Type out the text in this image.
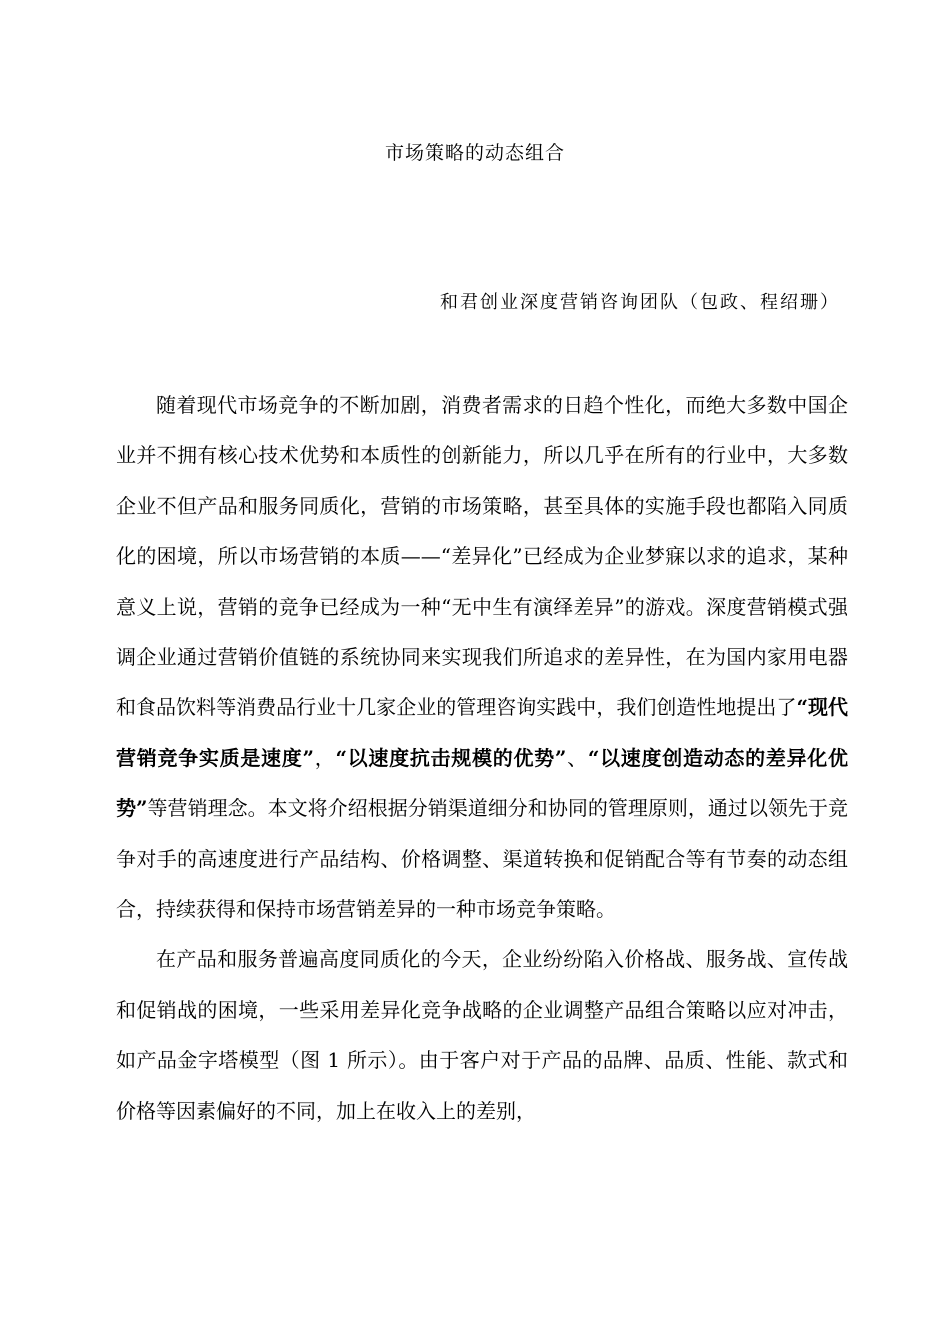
市场策略的动态组合
和君创业深度营销咨询团队（包政、程绍珊）

随着现代市场竞争的不断加剧，消费者需求的日趋个性化，而绝大多数中国企业并不拥有核心技术优势和本质性的创新能力，所以几乎在所有的行业中，大多数企业不但产品和服务同质化，营销的市场策略，甚至具体的实施手段也都陷入同质化的困境，所以市场营销的本质——“差异化”已经成为企业梦寐以求的追求，某种意义上说，营销的竞争已经成为一种“无中生有演绎差异”的游戏。深度营销模式强调企业通过营销价值链的系统协同来实现我们所追求的差异性，在为国内家用电器和食品饮料等消费品行业十几家企业的管理咨询实践中，我们创造性地提出了“现代营销竞争实质是速度”，“以速度抗击规模的优势”、“以速度创造动态的差异化优势”等营销理念。本文将介绍根据分销渠道细分和协同的管理原则，通过以领先于竞争对手的高速度进行产品结构、价格调整、渠道转换和促销配合等有节奏的动态组合，持续获得和保持市场营销差异的一种市场竞争策略。

在产品和服务普遍高度同质化的今天，企业纷纷陷入价格战、服务战、宣传战和促销战的困境，一些采用差异化竞争战略的企业调整产品组合策略以应对冲击，如产品金字塔模型（图 1 所示）。由于客户对于产品的品牌、品质、性能、款式和价格等因素偏好的不同，加上在收入上的差别，
